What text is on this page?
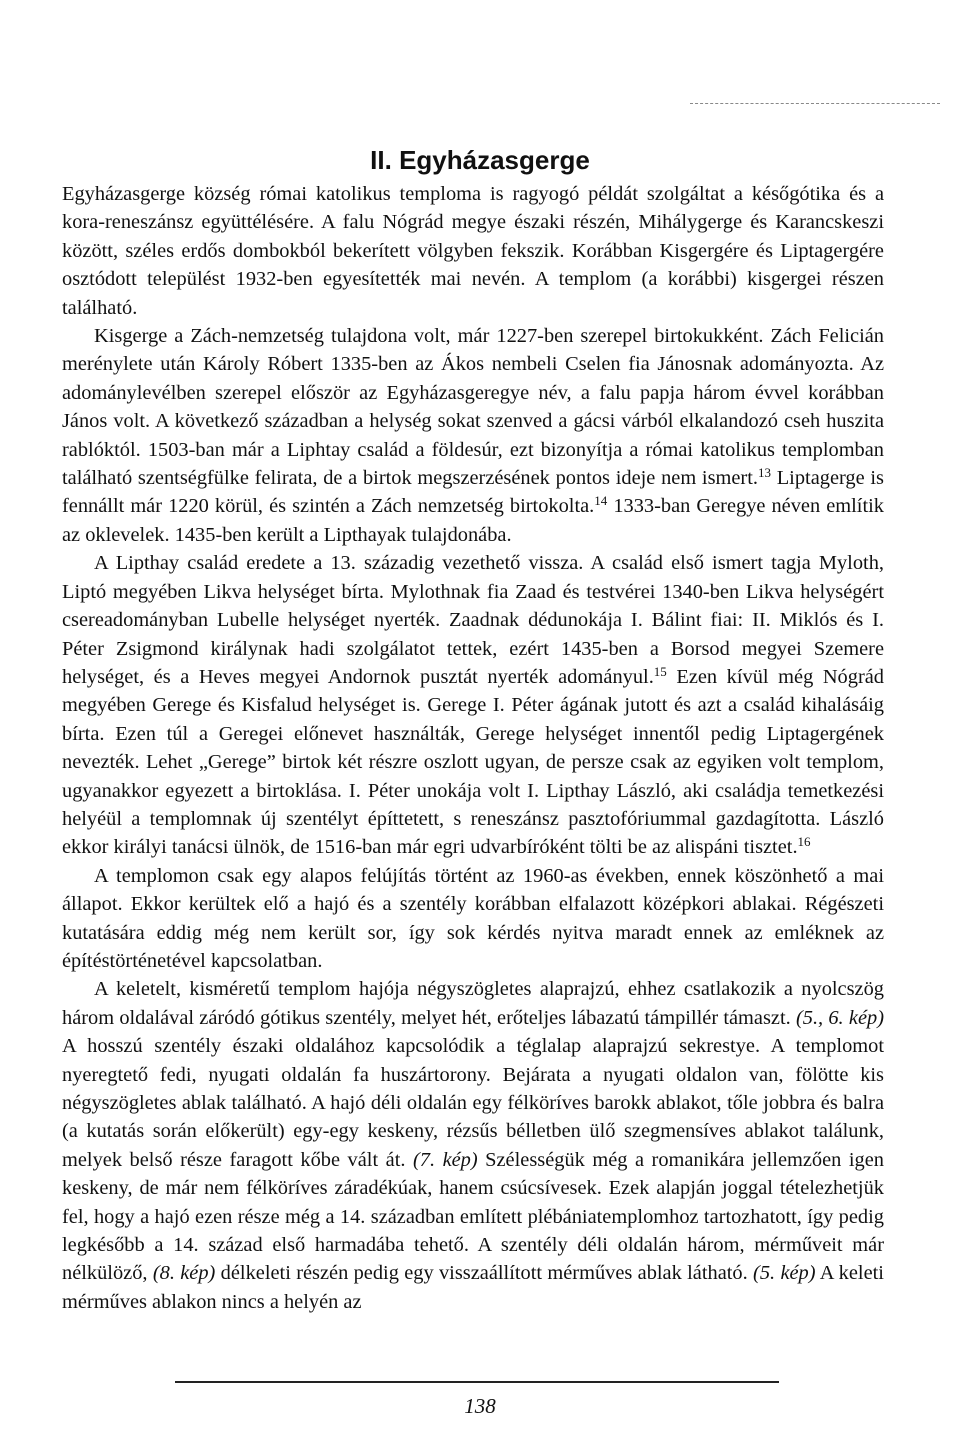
II. Egyházasgerge

Egyházasgerge község római katolikus temploma is ragyogó példát szolgáltat a későgótika és a kora-reneszánsz együttélésére. A falu Nógrád megye északi részén, Mihálygerge és Karancskeszi között, széles erdős dombokból bekerített völgyben fekszik. Korábban Kisgergére és Liptagergére osztódott települést 1932-ben egyesítették mai nevén. A templom (a korábbi) kisgergei részen található.

Kisgerge a Zách-nemzetség tulajdona volt, már 1227-ben szerepel birtokukként. Zách Felicián merénylete után Károly Róbert 1335-ben az Ákos nembeli Cselen fia Jánosnak adományozta. Az adománylevélben szerepel először az Egyházasgeregye név, a falu papja három évvel korábban János volt. A következő században a helység sokat szenved a gácsi várból elkalandozó cseh huszita rablóktól. 1503-ban már a Liphtay család a földesúr, ezt bizonyítja a római katolikus templomban található szentségfülke felirata, de a birtok megszerzésének pontos ideje nem ismert.$^{13}$ Liptagerge is fennállt már 1220 körül, és szintén a Zách nemzetség birtokolta.$^{14}$ 1333-ban Geregye néven említik az oklevelek. 1435-ben került a Lipthayak tulajdonába.

A Lipthay család eredete a 13. századig vezethető vissza. A család első ismert tagja Myloth, Liptó megyében Likva helységet bírta. Mylothnak fia Zaad és testvérei 1340-ben Likva helységért csereadományban Lubelle helységet nyerték. Zaadnak dédunokája I. Bálint fiai: II. Miklós és I. Péter Zsigmond királynak hadi szolgálatot tettek, ezért 1435-ben a Borsod megyei Szemere helységet, és a Heves megyei Andornok pusztát nyerték adományul.$^{15}$ Ezen kívül még Nógrád megyében Gerege és Kisfalud helységet is. Gerege I. Péter ágának jutott és azt a család kihalásáig bírta. Ezen túl a Geregei előnevet használták, Gerege helységet innentől pedig Liptagergének nevezték. Lehet „Gerege” birtok két részre oszlott ugyan, de persze csak az egyiken volt templom, ugyanakkor egyezett a birtoklása. I. Péter unokája volt I. Lipthay László, aki családja temetkezési helyéül a templomnak új szentélyt építtetett, s reneszánsz pasztofóriummal gazdagította. László ekkor királyi tanácsi ülnök, de 1516-ban már egri udvarbíróként tölti be az alispáni tisztet.$^{16}$

A templomon csak egy alapos felújítás történt az 1960-as években, ennek köszönhető a mai állapot. Ekkor kerültek elő a hajó és a szentély korábban elfalazott középkori ablakai. Régészeti kutatására eddig még nem került sor, így sok kérdés nyitva maradt ennek az emléknek az építéstörténetével kapcsolatban.

A keletelt, kisméretű templom hajója négyszögletes alaprajzú, ehhez csatlakozik a nyolcszög három oldalával záródó gótikus szentély, melyet hét, erőteljes lábazatú támpillér támaszt. (5., 6. kép) A hosszú szentély északi oldalához kapcsolódik a téglalap alaprajzú sekrestye. A templomot nyeregtető fedi, nyugati oldalán fa huszártorony. Bejárata a nyugati oldalon van, fölötte kis négyszögletes ablak található. A hajó déli oldalán egy félköríves barokk ablakot, tőle jobbra és balra (a kutatás során előkerült) egy-egy keskeny, rézsűs bélletben ülő szegmensíves ablakot találunk, melyek belső része faragott kőbe vált át. (7. kép) Szélességük még a romanikára jellemzően igen keskeny, de már nem félköríves záradékúak, hanem csúcsívesek. Ezek alapján joggal tételezhetjük fel, hogy a hajó ezen része még a 14. században említett plébániatemplomhoz tartozhatott, így pedig legkésőbb a 14. század első harmadába tehető. A szentély déli oldalán három, mérműveit már nélkülöző, (8. kép) délkeleti részén pedig egy visszaállított mérműves ablak látható. (5. kép) A keleti mérműves ablakon nincs a helyén az

138
